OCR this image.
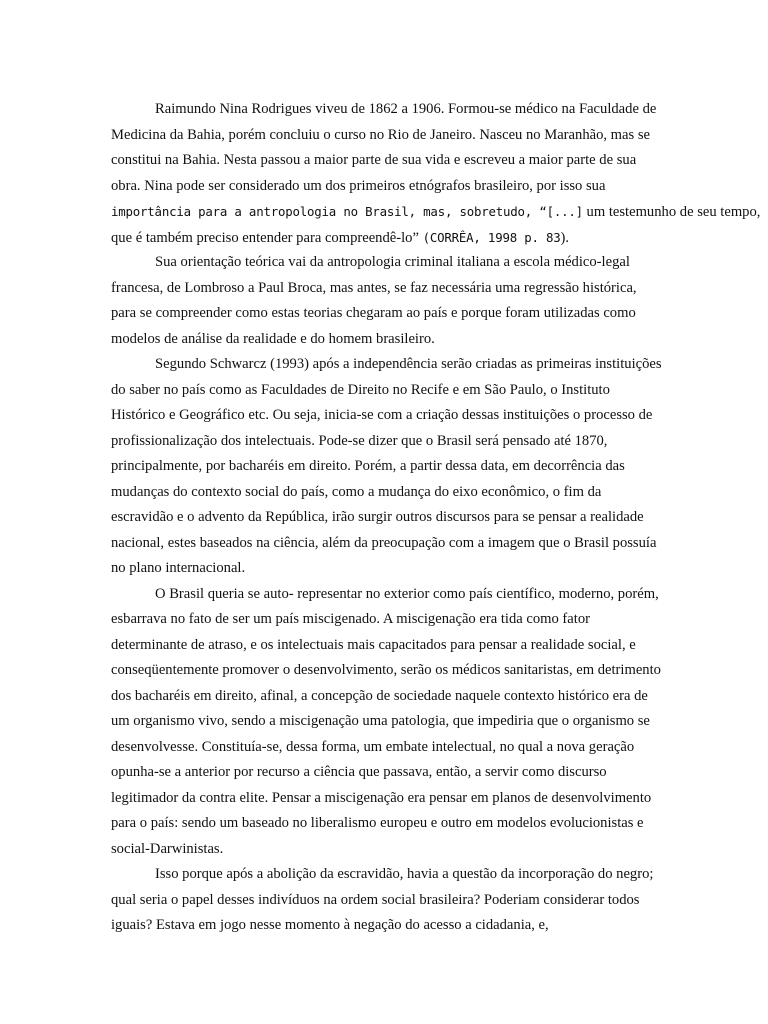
Raimundo Nina Rodrigues viveu de 1862 a 1906. Formou-se médico na Faculdade de
Medicina da Bahia, porém concluiu o curso no Rio de Janeiro. Nasceu no Maranhão, mas se
constitui na Bahia. Nesta passou a maior parte de sua vida e escreveu a maior parte de sua
obra. Nina pode ser considerado um dos primeiros etnógrafos brasileiro, por isso sua
importância para a antropologia no Brasil, mas, sobretudo, “[...] um testemunho de seu tempo,
que é também preciso entender para compreendê-lo” (CORRÊA, 1998 p. 83).
Sua orientação teórica vai da antropologia criminal italiana a escola médico-legal
francesa, de Lombroso a Paul Broca, mas antes, se faz necessária uma regressão histórica,
para se compreender como estas teorias chegaram ao país e porque foram utilizadas como
modelos de análise da realidade e do homem brasileiro.
Segundo Schwarcz (1993) após a independência serão criadas as primeiras instituições
do saber no país como as Faculdades de Direito no Recife e em São Paulo, o Instituto
Histórico e Geográfico etc. Ou seja, inicia-se com a criação dessas instituições o processo de
profissionalização dos intelectuais. Pode-se dizer que o Brasil será pensado até 1870,
principalmente, por bacharéis em direito. Porém, a partir dessa data, em decorrência das
mudanças do contexto social do país, como a mudança do eixo econômico, o fim da
escravidão e o advento da República, irão surgir outros discursos para se pensar a realidade
nacional, estes baseados na ciência, além da preocupação com a imagem que o Brasil possuía
no plano internacional.
O Brasil queria se auto- representar no exterior como país científico, moderno, porém,
esbarrava no fato de ser um país miscigenado. A miscigenação era tida como fator
determinante de atraso, e os intelectuais mais capacitados para pensar a realidade social, e
conseqüentemente promover o desenvolvimento, serão os médicos sanitaristas, em detrimento
dos bacharéis em direito, afinal, a concepção de sociedade naquele contexto histórico era de
um organismo vivo, sendo a miscigenação uma patologia, que impediria que o organismo se
desenvolvesse. Constituía-se, dessa forma, um embate intelectual, no qual a nova geração
opunha-se a anterior por recurso a ciência que passava, então, a servir como discurso
legitimador da contra elite. Pensar a miscigenação era pensar em planos de desenvolvimento
para o país: sendo um baseado no liberalismo europeu e outro em modelos evolucionistas e
social-Darwinistas.
Isso porque após a abolição da escravidão, havia a questão da incorporação do negro;
qual seria o papel desses indivíduos na ordem social brasileira? Poderiam considerar todos
iguais? Estava em jogo nesse momento à negação do acesso a cidadania, e,
